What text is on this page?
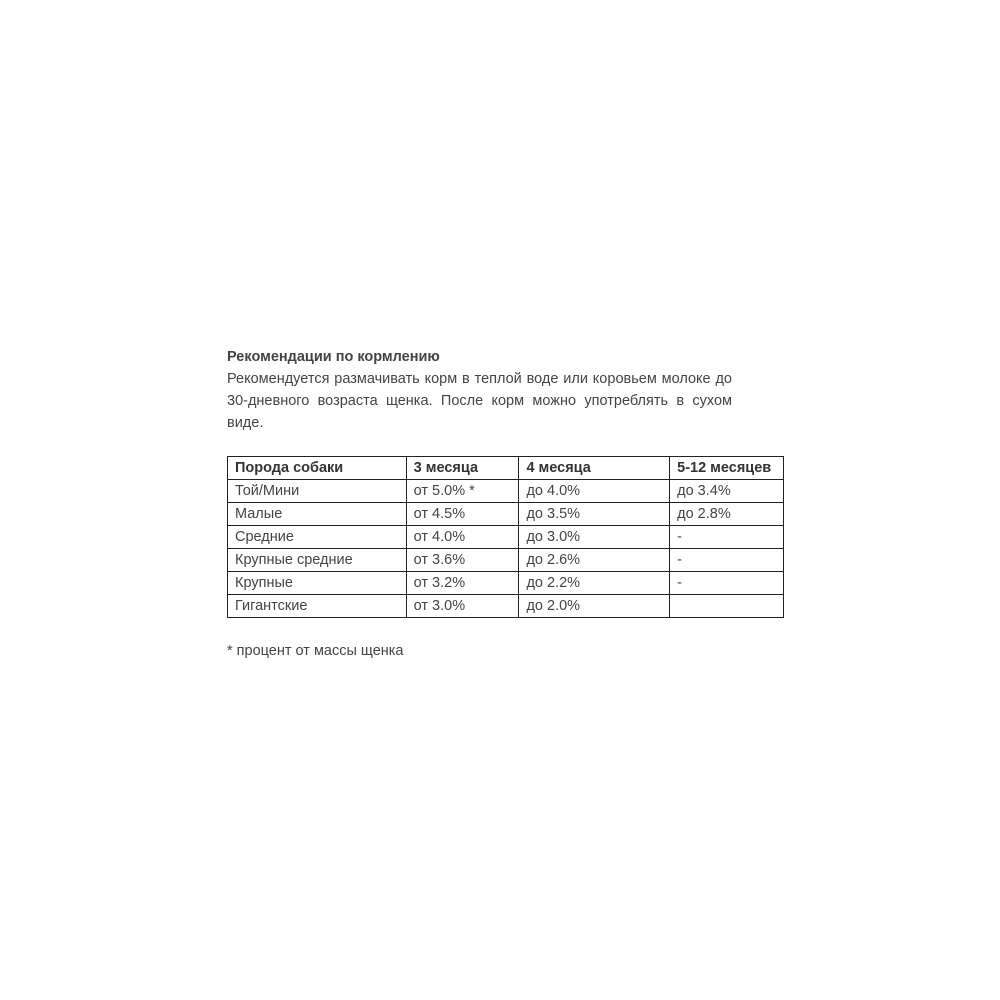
Рекомендации по кормлению

Рекомендуется размачивать корм в теплой воде или коровьем молоке до 30-дневного возраста щенка. После корм можно употреблять в сухом виде.

Порода собаки	3 месяца	4 месяца	5-12 месяцев
Той/Мини	от 5.0% *	до 4.0%	до 3.4%
Малые	от 4.5%	до 3.5%	до 2.8%
Средние	от 4.0%	до 3.0%	-
Крупные средние	от 3.6%	до 2.6%	-
Крупные	от 3.2%	до 2.2%	-
Гигантские	от 3.0%	до 2.0%	
* процент от массы щенка
